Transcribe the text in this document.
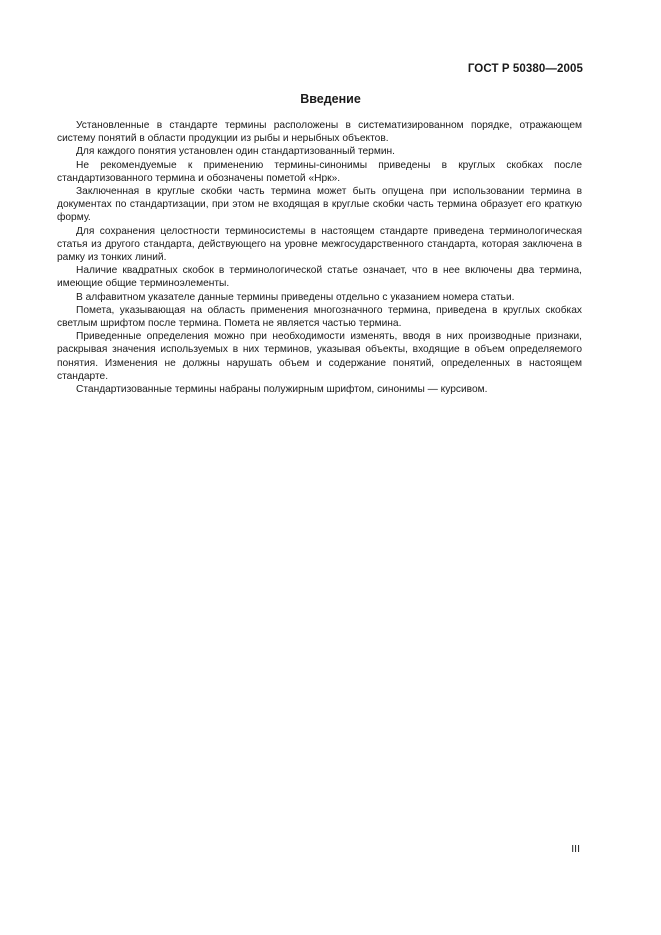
ГОСТ Р 50380—2005
Введение

Установленные в стандарте термины расположены в систематизированном порядке, отражающем систему понятий в области продукции из рыбы и нерыбных объектов.

Для каждого понятия установлен один стандартизованный термин.

Не рекомендуемые к применению термины-синонимы приведены в круглых скобках после стандартизованного термина и обозначены пометой «Нрк».

Заключенная в круглые скобки часть термина может быть опущена при использовании термина в документах по стандартизации, при этом не входящая в круглые скобки часть термина образует его краткую форму.

Для сохранения целостности терминосистемы в настоящем стандарте приведена терминологическая статья из другого стандарта, действующего на уровне межгосударственного стандарта, которая заключена в рамку из тонких линий.

Наличие квадратных скобок в терминологической статье означает, что в нее включены два термина, имеющие общие терминоэлементы.

В алфавитном указателе данные термины приведены отдельно с указанием номера статьи.

Помета, указывающая на область применения многозначного термина, приведена в круглых скобках светлым шрифтом после термина. Помета не является частью термина.

Приведенные определения можно при необходимости изменять, вводя в них производные признаки, раскрывая значения используемых в них терминов, указывая объекты, входящие в объем определяемого понятия. Изменения не должны нарушать объем и содержание понятий, определенных в настоящем стандарте.

Стандартизованные термины набраны полужирным шрифтом, синонимы — курсивом.

III
